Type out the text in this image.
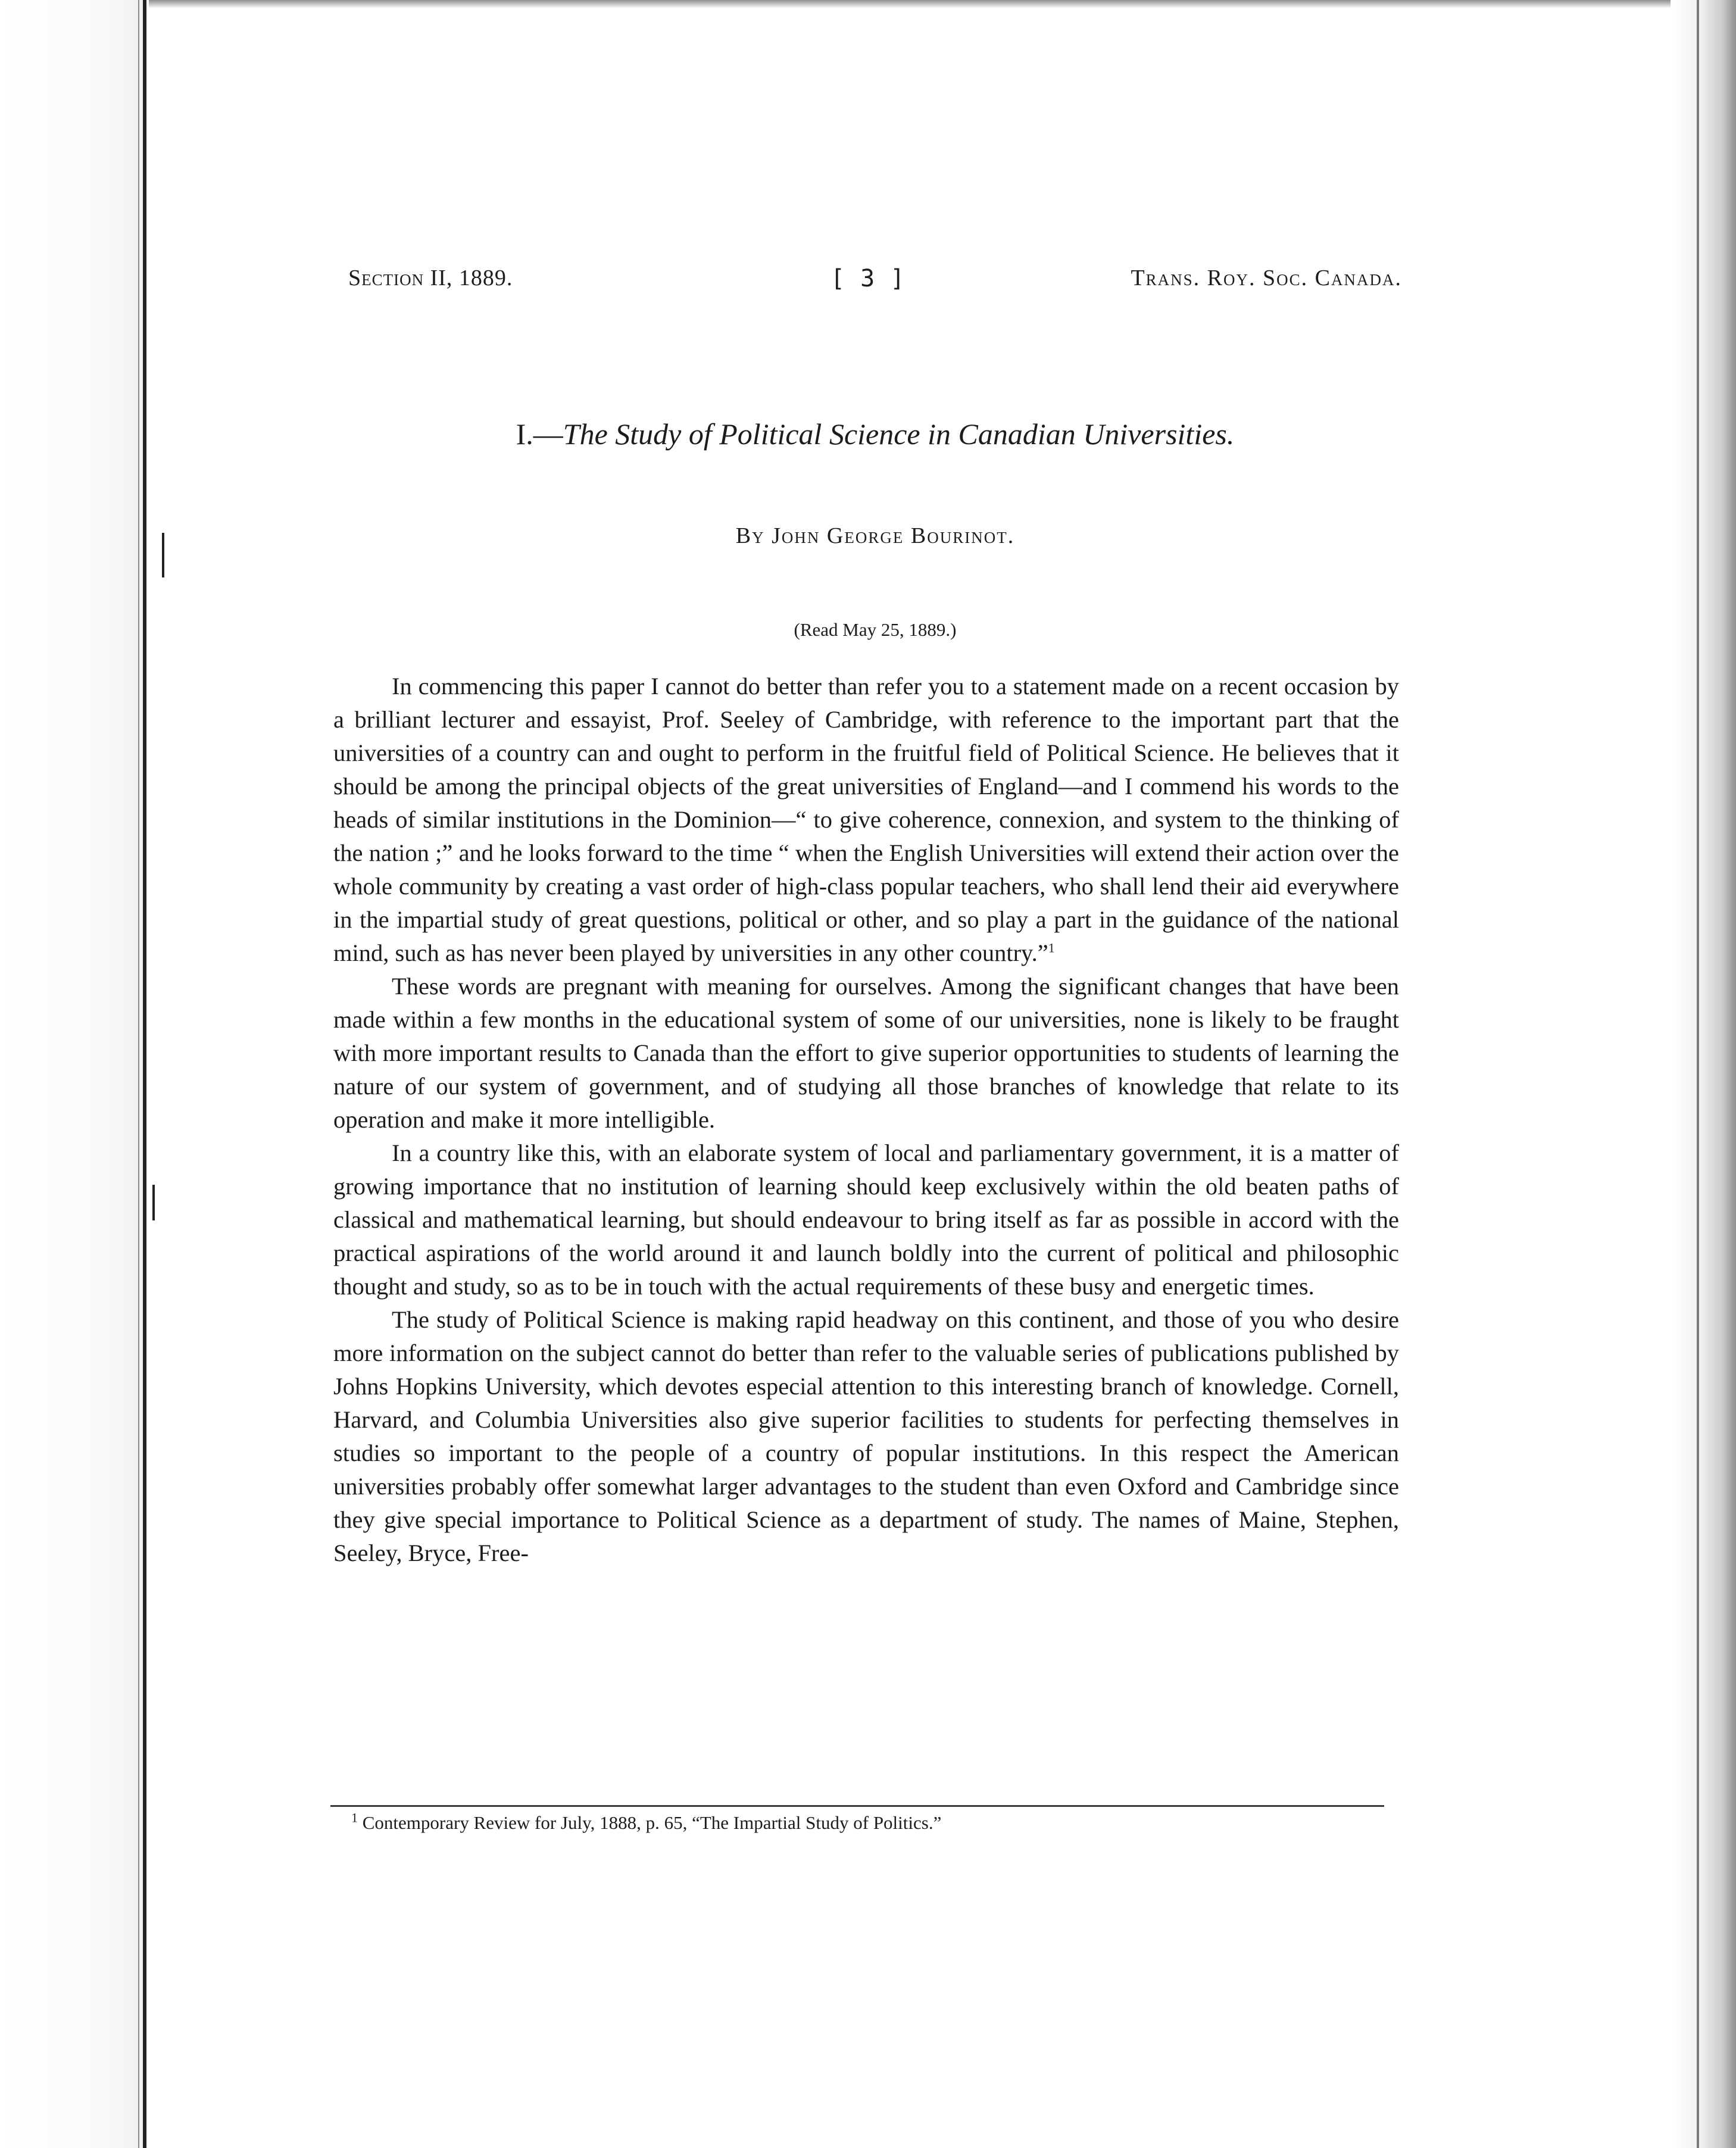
Section II, 1889.	[ 3 ]	Trans. Roy. Soc. Canada.
I.—The Study of Political Science in Canadian Universities.
By John George Bourinot.
(Read May 25, 1889.)

In commencing this paper I cannot do better than refer you to a statement made on a recent occasion by a brilliant lecturer and essayist, Prof. Seeley of Cambridge, with reference to the important part that the universities of a country can and ought to perform in the fruitful field of Political Science. He believes that it should be among the principal objects of the great universities of England—and I commend his words to the heads of similar institutions in the Dominion—“ to give coherence, connexion, and system to the thinking of the nation ;” and he looks forward to the time “ when the English Universities will extend their action over the whole community by creating a vast order of high-class popular teachers, who shall lend their aid everywhere in the impartial study of great questions, political or other, and so play a part in the guidance of the national mind, such as has never been played by universities in any other country.”$^1$

These words are pregnant with meaning for ourselves. Among the significant changes that have been made within a few months in the educational system of some of our universities, none is likely to be fraught with more important results to Canada than the effort to give superior opportunities to students of learning the nature of our system of government, and of studying all those branches of knowledge that relate to its operation and make it more intelligible.

In a country like this, with an elaborate system of local and parliamentary government, it is a matter of growing importance that no institution of learning should keep exclusively within the old beaten paths of classical and mathematical learning, but should endeavour to bring itself as far as possible in accord with the practical aspirations of the world around it and launch boldly into the current of political and philosophic thought and study, so as to be in touch with the actual requirements of these busy and energetic times.

The study of Political Science is making rapid headway on this continent, and those of you who desire more information on the subject cannot do better than refer to the valuable series of publications published by Johns Hopkins University, which devotes especial attention to this interesting branch of knowledge. Cornell, Harvard, and Columbia Universities also give superior facilities to students for perfecting themselves in studies so important to the people of a country of popular institutions. In this respect the American universities probably offer somewhat larger advantages to the student than even Oxford and Cambridge since they give special importance to Political Science as a department of study. The names of Maine, Stephen, Seeley, Bryce, Free-

$^1$ Contemporary Review for July, 1888, p. 65, “The Impartial Study of Politics.”
